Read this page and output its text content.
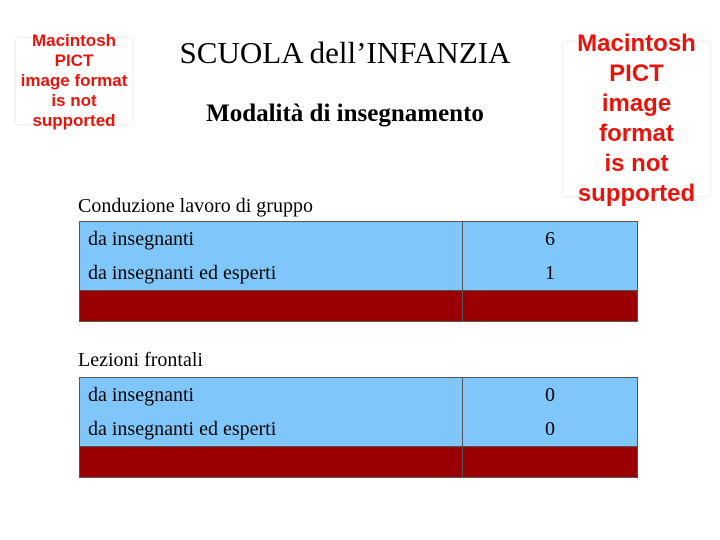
Macintosh PICT
image format
is not supported
Macintosh PICT
image format
is not supported
SCUOLA dell’INFANZIA
Modalità di insegnamento
Conduzione lavoro di gruppo
da insegnanti	6
da insegnanti ed esperti	1

Lezioni frontali
da insegnanti	0
da insegnanti ed esperti	0
